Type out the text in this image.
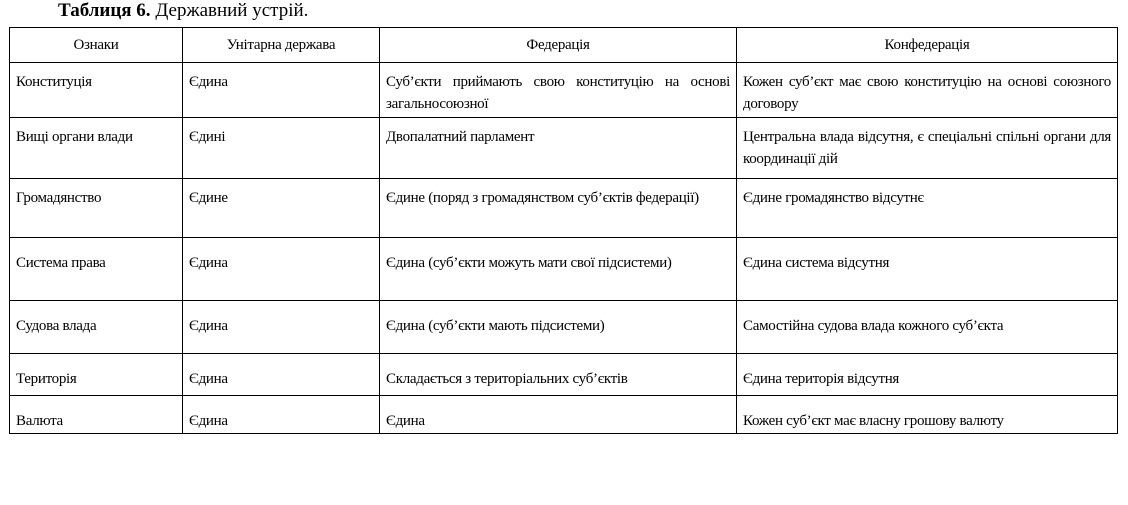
Таблиця 6. Державний устрій.
Ознаки	Унітарна держава	Федерація	Конфедерація
Конституція	Єдина	Суб’єкти приймають свою конституцію на основі загальносоюзної	Кожен суб’єкт має свою конституцію на основі союзного договору
Вищі органи влади	Єдині	Двопалатний парламент	Центральна влада відсутня, є спеціальні спільні органи для координації дій
Громадянство	Єдине	Єдине (поряд з громадянством суб’єктів федерації)	Єдине громадянство відсутнє
Система права	Єдина	Єдина (суб’єкти можуть мати свої підсистеми)	Єдина система відсутня
Судова влада	Єдина	Єдина (суб’єкти мають підсистеми)	Самостійна судова влада кожного суб’єкта
Територія	Єдина	Складається з територіальних суб’єктів	Єдина територія відсутня
Валюта	Єдина	Єдина	Кожен суб’єкт має власну грошову валюту
